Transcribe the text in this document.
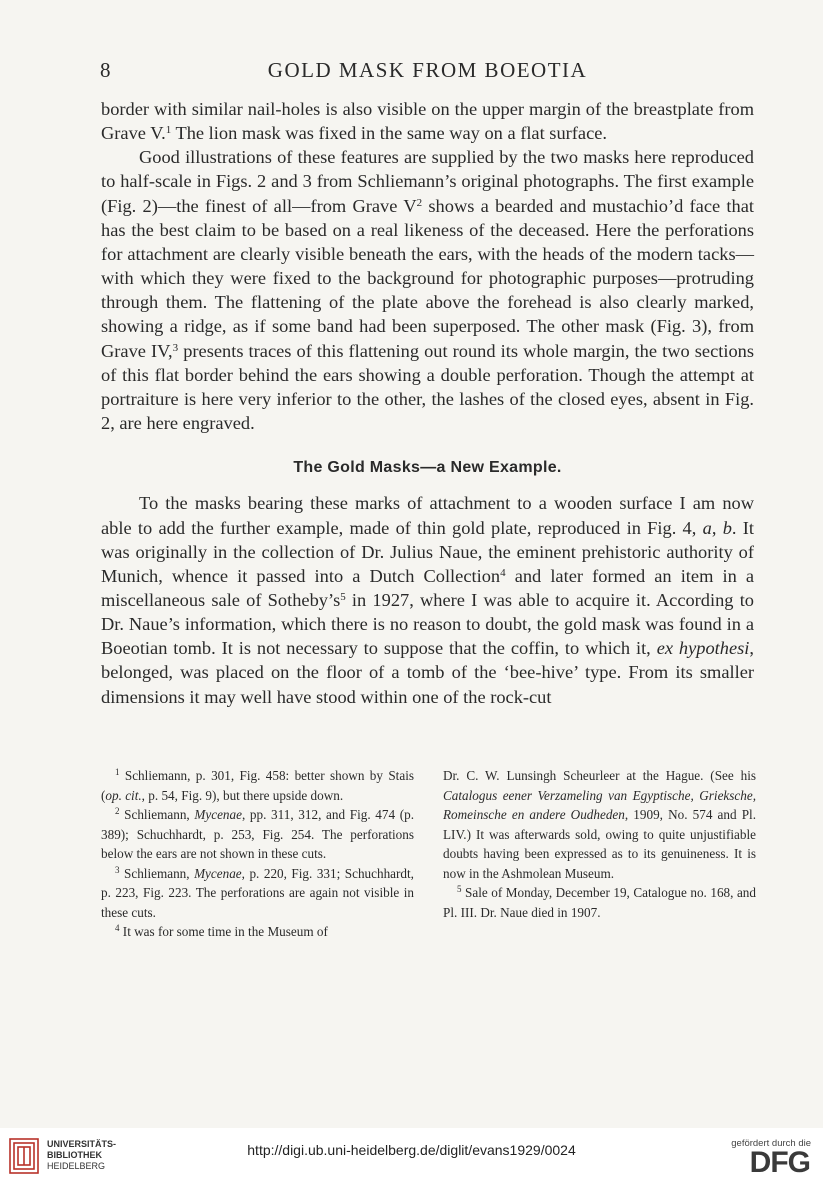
8	GOLD MASK FROM BOEOTIA

border with similar nail-holes is also visible on the upper margin of the breastplate from Grave V.$^1$ The lion mask was fixed in the same way on a flat surface.

Good illustrations of these features are supplied by the two masks here reproduced to half-scale in Figs. 2 and 3 from Schliemann’s original photographs. The first example (Fig. 2)—the finest of all—from Grave $V^2$ shows a bearded and mustachio’d face that has the best claim to be based on a real likeness of the deceased. Here the perforations for attachment are clearly visible beneath the ears, with the heads of the modern tacks—with which they were fixed to the background for photographic purposes—protruding through them. The flattening of the plate above the forehead is also clearly marked, showing a ridge, as if some band had been superposed. The other mask (Fig. 3), from Grave IV,$^3$ presents traces of this flattening out round its whole margin, the two sections of this flat border behind the ears showing a double perforation. Though the attempt at portraiture is here very inferior to the other, the lashes of the closed eyes, absent in Fig. 2, are here engraved.

The Gold Masks—a New Example.

To the masks bearing these marks of attachment to a wooden surface I am now able to add the further example, made of thin gold plate, reproduced in Fig. 4, a, b. It was originally in the collection of Dr. Julius Naue, the eminent prehistoric authority of Munich, whence it passed into a Dutch Collection$^4$ and later formed an item in a miscellaneous sale of $Sotheby’s^5$ in 1927, where I was able to acquire it. According to Dr. Naue’s information, which there is no reason to doubt, the gold mask was found in a Boeotian tomb. It is not necessary to suppose that the coffin, to which it, ex hypothesi, belonged, was placed on the floor of a tomb of the ‘bee-hive’ type. From its smaller dimensions it may well have stood within one of the rock-cut

$^1$ Schliemann, p. 301, Fig. 458: better shown by Stais (op. cit., p. 54, Fig. 9), but there upside down.

$^2$ Schliemann, Mycenae, pp. 311, 312, and Fig. 474 (p. 389); Schuchhardt, p. 253, Fig. 254. The perforations below the ears are not shown in these cuts.

$^3$ Schliemann, Mycenae, p. 220, Fig. 331; Schuchhardt, p. 223, Fig. 223. The perforations are again not visible in these cuts.

$^4$ It was for some time in the Museum of

Dr. C. W. Lunsingh Scheurleer at the Hague. (See his Catalogus eener Verzameling van Egyptische, Grieksche, Romeinsche en andere Oudheden, 1909, No. 574 and Pl. LIV.) It was afterwards sold, owing to quite unjustifiable doubts having been expressed as to its genuineness. It is now in the Ashmolean Museum.

$^5$ Sale of Monday, December 19, Catalogue no. 168, and Pl. III. Dr. Naue died in 1907.

UNIVERSITÄTS-
BIBLIOTHEK
HEIDELBERG
http://digi.ub.uni-heidelberg.de/diglit/evans1929/0024	gefördert durch die
DFG
